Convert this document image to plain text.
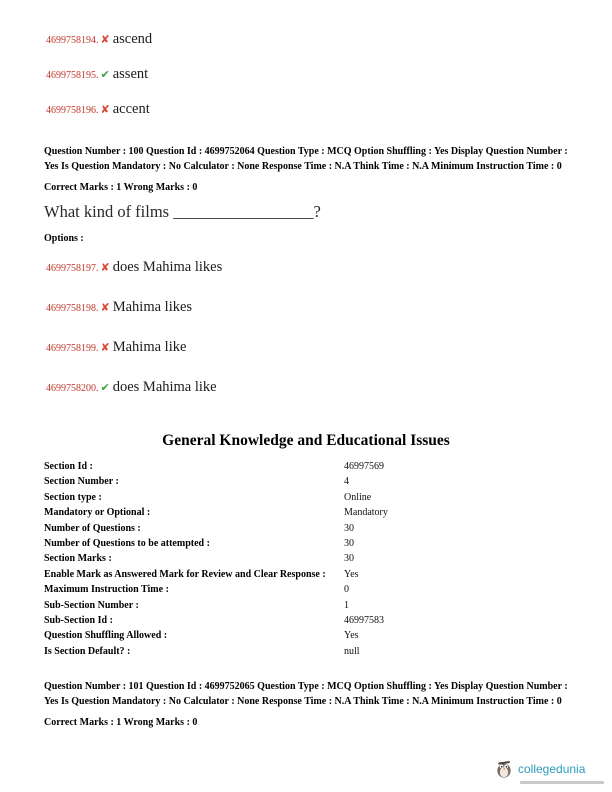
4699758194. ✘ ascend
4699758195. ✔ assent
4699758196. ✘ accent
Question Number : 100 Question Id : 4699752064 Question Type : MCQ Option Shuffling : Yes Display Question Number : Yes Is Question Mandatory : No Calculator : None Response Time : N.A Think Time : N.A Minimum Instruction Time : 0
Correct Marks : 1 Wrong Marks : 0
What kind of films _________________?
Options :
4699758197. ✘ does Mahima likes
4699758198. ✘ Mahima likes
4699758199. ✘ Mahima like
4699758200. ✔ does Mahima like
General Knowledge and Educational Issues
Section Id :	46997569
Section Number :	4
Section type :	Online
Mandatory or Optional :	Mandatory
Number of Questions :	30
Number of Questions to be attempted :	30
Section Marks :	30
Enable Mark as Answered Mark for Review and Clear Response :	Yes
Maximum Instruction Time :	0
Sub-Section Number :	1
Sub-Section Id :	46997583
Question Shuffling Allowed :	Yes
Is Section Default? :	null
Question Number : 101 Question Id : 4699752065 Question Type : MCQ Option Shuffling : Yes Display Question Number : Yes Is Question Mandatory : No Calculator : None Response Time : N.A Think Time : N.A Minimum Instruction Time : 0
Correct Marks : 1 Wrong Marks : 0
collegedunia
